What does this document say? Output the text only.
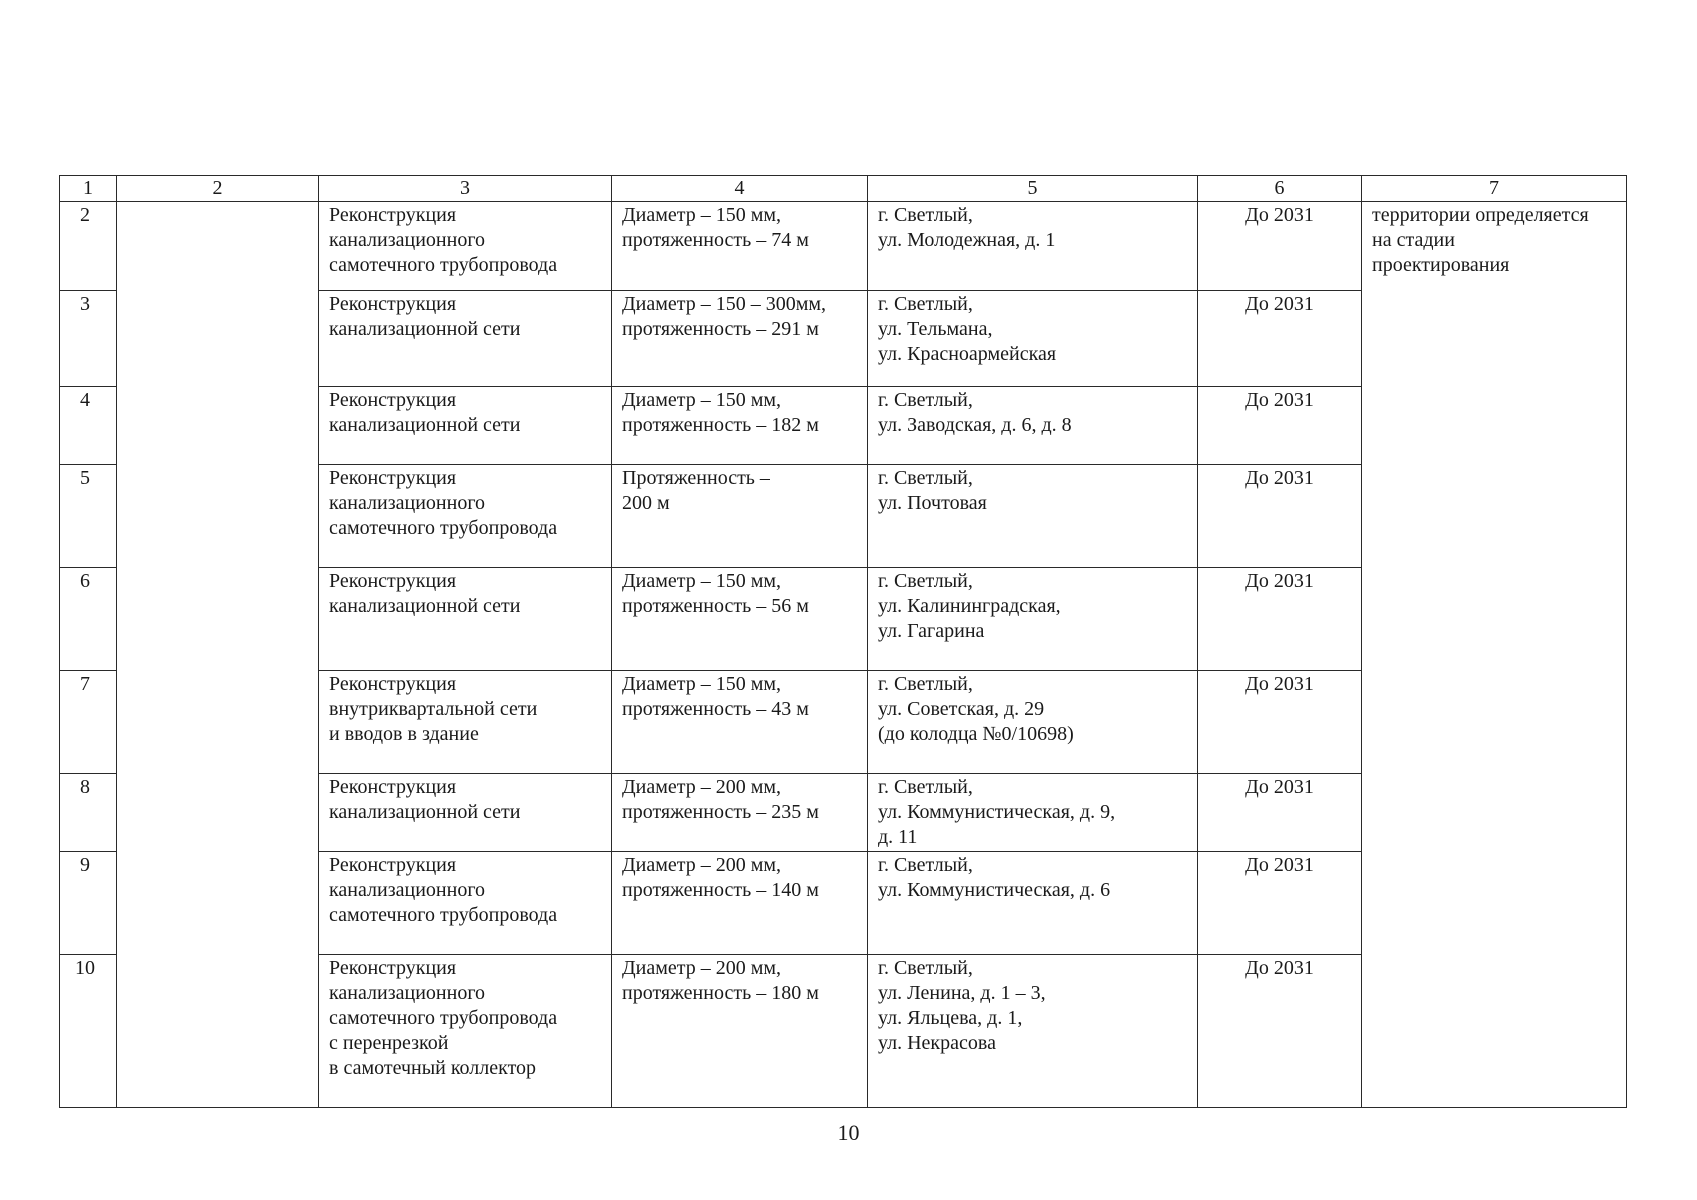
1	2	3	4	5	6	7

2		Реконструкция
канализационного
самотечного трубопровода	Диаметр – 150 мм,
протяженность – 74 м	г. Светлый,
ул. Молодежная, д. 1	До 2031	территории определяется
на стадии
проектирования

3		Реконструкция
канализационной сети	Диаметр – 150 – 300мм,
протяженность – 291 м	г. Светлый,
ул. Тельмана,
ул. Красноармейская	До 2031	

4		Реконструкция
канализационной сети	Диаметр – 150 мм,
протяженность – 182 м	г. Светлый,
ул. Заводская, д. 6, д. 8	До 2031	

5		Реконструкция
канализационного
самотечного трубопровода	Протяженность –
200 м	г. Светлый,
ул. Почтовая	До 2031	

6		Реконструкция
канализационной сети	Диаметр – 150 мм,
протяженность – 56 м	г. Светлый,
ул. Калининградская,
ул. Гагарина	До 2031	

7		Реконструкция
внутриквартальной сети
и вводов в здание	Диаметр – 150 мм,
протяженность – 43 м	г. Светлый,
ул. Советская, д. 29
(до колодца №0/10698)	До 2031	

8		Реконструкция
канализационной сети	Диаметр – 200 мм,
протяженность – 235 м	г. Светлый,
ул. Коммунистическая, д. 9,
д. 11	До 2031	

9		Реконструкция
канализационного
самотечного трубопровода	Диаметр – 200 мм,
протяженность – 140 м	г. Светлый,
ул. Коммунистическая, д. 6	До 2031	

10		Реконструкция
канализационного
самотечного трубопровода
с перенрезкой
в самотечный коллектор	Диаметр – 200 мм,
протяженность – 180 м	г. Светлый,
ул. Ленина, д. 1 – 3,
ул. Яльцева, д. 1,
ул. Некрасова	До 2031	
10
